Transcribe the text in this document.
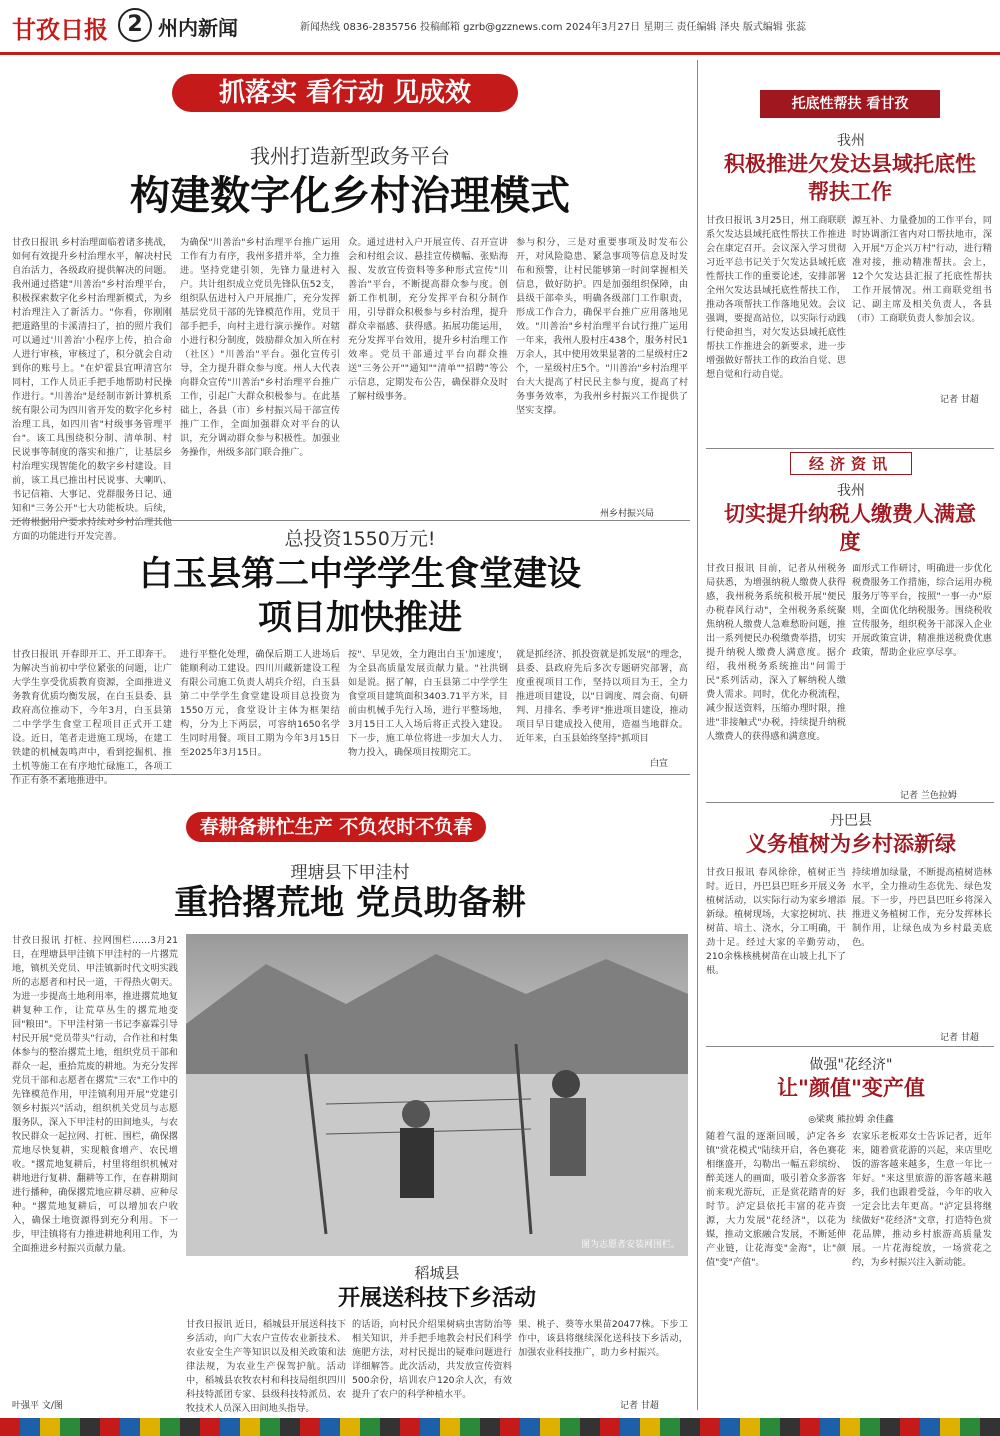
甘孜日报 2 州内新闻	新闻热线 0836-2835756 投稿邮箱 gzrb@gzznews.com 2024年3月27日 星期三 责任编辑 泽央 版式编辑 张蕊
抓落实 看行动 见成效
我州打造新型政务平台
构建数字化乡村治理模式
甘孜日报讯 乡村治理面临着诸多挑战，如何有效提升乡村治理水平，解决村民自治活力，各级政府提供解决的问题。我州通过搭建"川善治"乡村治理平台，积极探索数字化乡村治理新模式，为乡村治理注入了新活力。"你看，你刚刚把道路里的卡溪清扫了，拍的照片我们可以通过'川善治'小程序上传，拍合命人进行审核，审核过了，积分就会自动到你的账号上。"在炉霍县宜呷清宫尔同村，工作人员正手把手地帮助村民操作进行。"川善治"是经制市新计算机系统有限公司为四川省开发的数字化乡村治理工具，如四川省"村级事务管理平台"。该工具围绕积分制、清单制、村民说事等制度的落实和推广，让基层乡村治理实现智能化的数字乡村建设。目前，该工具已推出村民说事、大喇叭、书记信箱、大事记、党群服务日记、通知和"三务公开"七大功能板块。后续，还将根据用户要求持续对乡村治理其他方面的功能进行开发完善。
为确保"川善治"乡村治理平台推广运用工作有力有序，我州多措并举，全力推进。坚持党建引领，先锋力量进村入户。共计组织成立党员先锋队伍52支，组织队伍进村入户开展推广，充分发挥基层党员干部的先锋模范作用，党员干部手把手，向村主进行演示操作。对辖小进行积分制度，鼓励群众加入所在村（社区）"川善治"平台。强化宣传引导，全力提升群众参与度。州人大代表向群众宣传"川善治"乡村治理平台推广工作，引起广大群众积极参与。在此基础上，各县（市）乡村振兴局干部宣传推广工作，全面加强群众对平台的认识，充分调动群众参与积极性。加强业务操作，州级多部门联合推广。
众。通过进村入户开展宣传、召开宣讲会和村组会议、悬挂宣传横幅、张贴海报、发放宣传资料等多种形式宣传"川善治"平台，不断提高群众参与度。创新工作机制，充分发挥平台积分制作用，引导群众积极参与乡村治理，提升群众幸福感、获得感。拓展功能运用，充分发挥平台效用，提升乡村治理工作效率。党员干部通过平台向群众推送"三务公开""通知""清单""招聘"等公示信息，定期发布公告，确保群众及时了解村级事务。
参与积分，三是对重要事项及时发布公开，对风险隐患、紧急事项等信息及时发布和预警，让村民能够第一时间掌握相关信息，做好防护。四是加强组织保障，由县级干部牵头，明确各级部门工作职责，形成工作合力，确保平台推广应用落地见效。"川善治"乡村治理平台试行推广运用一年来，我州人股村庄438个，服务村民1万余人，其中使用效果显著的二星级村庄2个，一星级村庄5个。"川善治"乡村治理平台大大提高了村民民主参与度，提高了村务事务效率，为我州乡村振兴工作提供了坚实支撑。
州乡村振兴局
总投资1550万元!
白玉县第二中学学生食堂建设项目加快推进
甘孜日报讯 开春即开工、开工即奔干。为解决当前初中学位紧张的问题，让广大学生享受优质教育资源，全面推进义务教育优质均衡发展，在白玉县委、县政府高位推动下，今年3月，白玉县第二中学学生食堂工程项目正式开工建设。近日，笔者走进施工现场，在建工铁建的机械轰鸣声中，看到挖掘机、推土机等施工在有序地忙碌施工，各项工作正有条不紊地推进中。
进行平整化处理，确保后期工人进场后能顺利动工建设。四川川藏新建设工程有限公司施工负责人胡兵介绍，白玉县第二中学学生食堂建设项目总投资为1550万元，食堂设计主体为框架结构，分为上下两层，可容纳1650名学生同时用餐。项目工期为今年3月15日至2025年3月15日。
按"、早见效，全力跑出白玉'加速度'，为全县高质量发展贡献力量。"社洪钢如是说。据了解，白玉县第二中学学生食堂项目建筑面积3403.71平方米，目前由机械手先行入场，进行平整场地，3月15日工人入场后将正式投入建设。下一步，施工单位将进一步加大人力、物力投入，确保项目按期完工。
就是抓经济、抓投资就是抓发展"的理念，县委、县政府先后多次专题研究部署，高度重视项目工作，坚持以项目为王，全力推进项目建设，以"日调度、周会商、旬研判、月排名、季考评"推进项目建设，推动项目早日建成投入使用，造福当地群众。近年来，白玉县始终坚持"抓项目
白宣
春耕备耕忙生产 不负农时不负春
理塘县下甲洼村
重拾撂荒地 党员助备耕
甘孜日报讯 打桩、拉网围栏……3月21日，在理塘县甲洼镇下甲洼村的一片撂荒地，镇机关党员、甲洼镇新时代文明实践所的志愿者和村民一道，干得热火朝天。为进一步提高土地利用率，推进撂荒地复耕复种工作，让荒草丛生的撂荒地变回"粮田"。下甲洼村第一书记李嘉霖引导村民开展"党员带头"行动，合作社和村集体参与的整治撂荒土地，组织党员干部和群众一起，重拾荒废的耕地。为充分发挥党员干部和志愿者在撂荒"三农"工作中的先锋模范作用，甲洼镇利用开展"党建引领乡村振兴"活动，组织机关党员与志愿服务队，深入下甲洼村的田间地头，与农牧民群众一起拉网、打桩、围栏，确保撂荒地尽快复耕，实现粮食增产、农民增收。"撂荒地复耕后，村里将组织机械对耕地进行复耕、翻耕等工作，在春耕期间进行播种，确保撂荒地应耕尽耕、应种尽种。"撂荒地复耕后，可以增加农户收入，确保土地资源得到充分利用。下一步，甲洼镇将有力推进耕地利用工作，为全面推进乡村振兴贡献力量。
叶强平 文/图
图为志愿者安装网围栏。
稻城县
开展送科技下乡活动
甘孜日报讯 近日，稻城县开展送科技下乡活动，向广大农户宣传农业新技术、农业安全生产等知识以及相关政策和法律法规，为农业生产保驾护航。活动中，稻城县农牧农村和科技局组织四川科技特派团专家、县级科技特派员、农牧技术人员深入田间地头指导。
的话语，向村民介绍果树病虫害防治等相关知识，并手把手地教会村民们科学施肥方法，对村民提出的疑难问题进行详细解答。此次活动，共发放宣传资料500余份，培训农户120余人次，有效提升了农户的科学种植水平。
果、桃子、葵等水果苗20477株。下步工作中，该县将继续深化送科技下乡活动，加强农业科技推广，助力乡村振兴。
记者 甘超
托底性帮扶 看甘孜
我州
积极推进欠发达县域托底性帮扶工作
甘孜日报讯 3月25日，州工商联联系欠发达县域托底性帮扶工作推进会在康定召开。会议深入学习贯彻习近平总书记关于欠发达县域托底性帮扶工作的重要论述，安排部署全州欠发达县域托底性帮扶工作，推动各项帮扶工作落地见效。会议强调，要提高站位，以实际行动践行使命担当，对欠发达县域托底性帮扶工作推进会的新要求，进一步增强做好帮扶工作的政治自觉、思想自觉和行动自觉。
源互补、力量叠加的工作平台，同时协调浙江省内对口帮扶地市，深入开展"万企兴万村"行动，进行精准对接，推动精准帮扶。会上，12个欠发达县汇报了托底性帮扶工作开展情况。州工商联党组书记、副主席及相关负责人，各县（市）工商联负责人参加会议。
记者 甘超
经济资讯
我州
切实提升纳税人缴费人满意度
甘孜日报讯 目前，记者从州税务局获悉，为增强纳税人缴费人获得感，我州税务系统积极开展"便民办税春风行动"，全州税务系统聚焦纳税人缴费人急难愁盼问题，推出一系列便民办税缴费举措，切实提升纳税人缴费人满意度。据介绍，我州税务系统推出"问需于民"系列活动，深入了解纳税人缴费人需求。同时，优化办税流程，减少报送资料，压缩办理时限，推进"非接触式"办税，持续提升纳税人缴费人的获得感和满意度。
面形式工作研讨，明确进一步优化税费服务工作措施，综合运用办税服务厅等平台，按照"一事一办"原则，全面优化纳税服务。围绕税收宣传服务，组织税务干部深入企业开展政策宣讲，精准推送税费优惠政策，帮助企业应享尽享。
记者 兰色拉姆
丹巴县
义务植树为乡村添新绿
甘孜日报讯 春风徐徐，植树正当时。近日，丹巴县巴旺乡开展义务植树活动，以实际行动为家乡增添新绿。植树现场，大家挖树坑、扶树苗、培土、浇水，分工明确，干劲十足。经过大家的辛勤劳动，210余株核桃树苗在山坡上扎下了根。
持续增加绿量，不断提高植树造林水平，全力推动生态优先、绿色发展。下一步，丹巴县巴旺乡将深入推进义务植树工作，充分发挥林长制作用，让绿色成为乡村最美底色。
记者 甘超
做强"花经济"
让"颜值"变产值
◎梁爽 熊拉姆 余佳鑫
随着气温的逐渐回暖，泸定各乡镇"赏花模式"陆续开启，各色赛花相继盛开，勾勒出一幅五彩缤纷、醉美迷人的画面，吸引着众多游客前来观光游玩，正是赏花踏青的好时节。泸定县依托丰富的花卉资源，大力发展"花经济"，以花为媒，推动文旅融合发展，不断延伸产业链，让花海变"金海"，让"颜值"变"产值"。
农家乐老板邓女士告诉记者，近年来，随着赏花游的兴起，来店里吃饭的游客越来越多，生意一年比一年好。"来这里旅游的游客越来越多，我们也跟着受益，今年的收入一定会比去年更高。"泸定县将继续做好"花经济"文章，打造特色赏花品牌，推动乡村旅游高质量发展。一片花海绽放，一场赏花之约，为乡村振兴注入新动能。
